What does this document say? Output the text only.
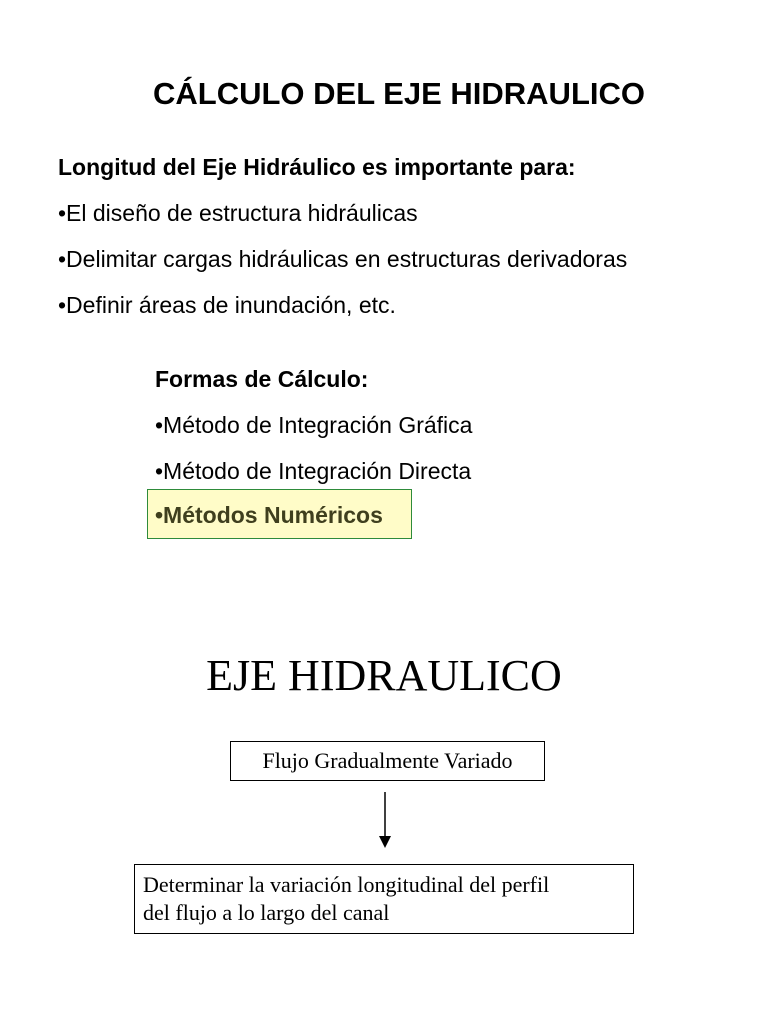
CÁLCULO DEL EJE HIDRAULICO
Longitud del Eje Hidráulico es importante para:
•El diseño de estructura hidráulicas
•Delimitar cargas hidráulicas en estructuras derivadoras
•Definir áreas de inundación, etc.
Formas de Cálculo:
•Método de Integración Gráfica
•Método de Integración Directa
•Métodos Numéricos
EJE HIDRAULICO
Flujo Gradualmente Variado
Determinar la variación longitudinal del perfil
del flujo a lo largo del canal
